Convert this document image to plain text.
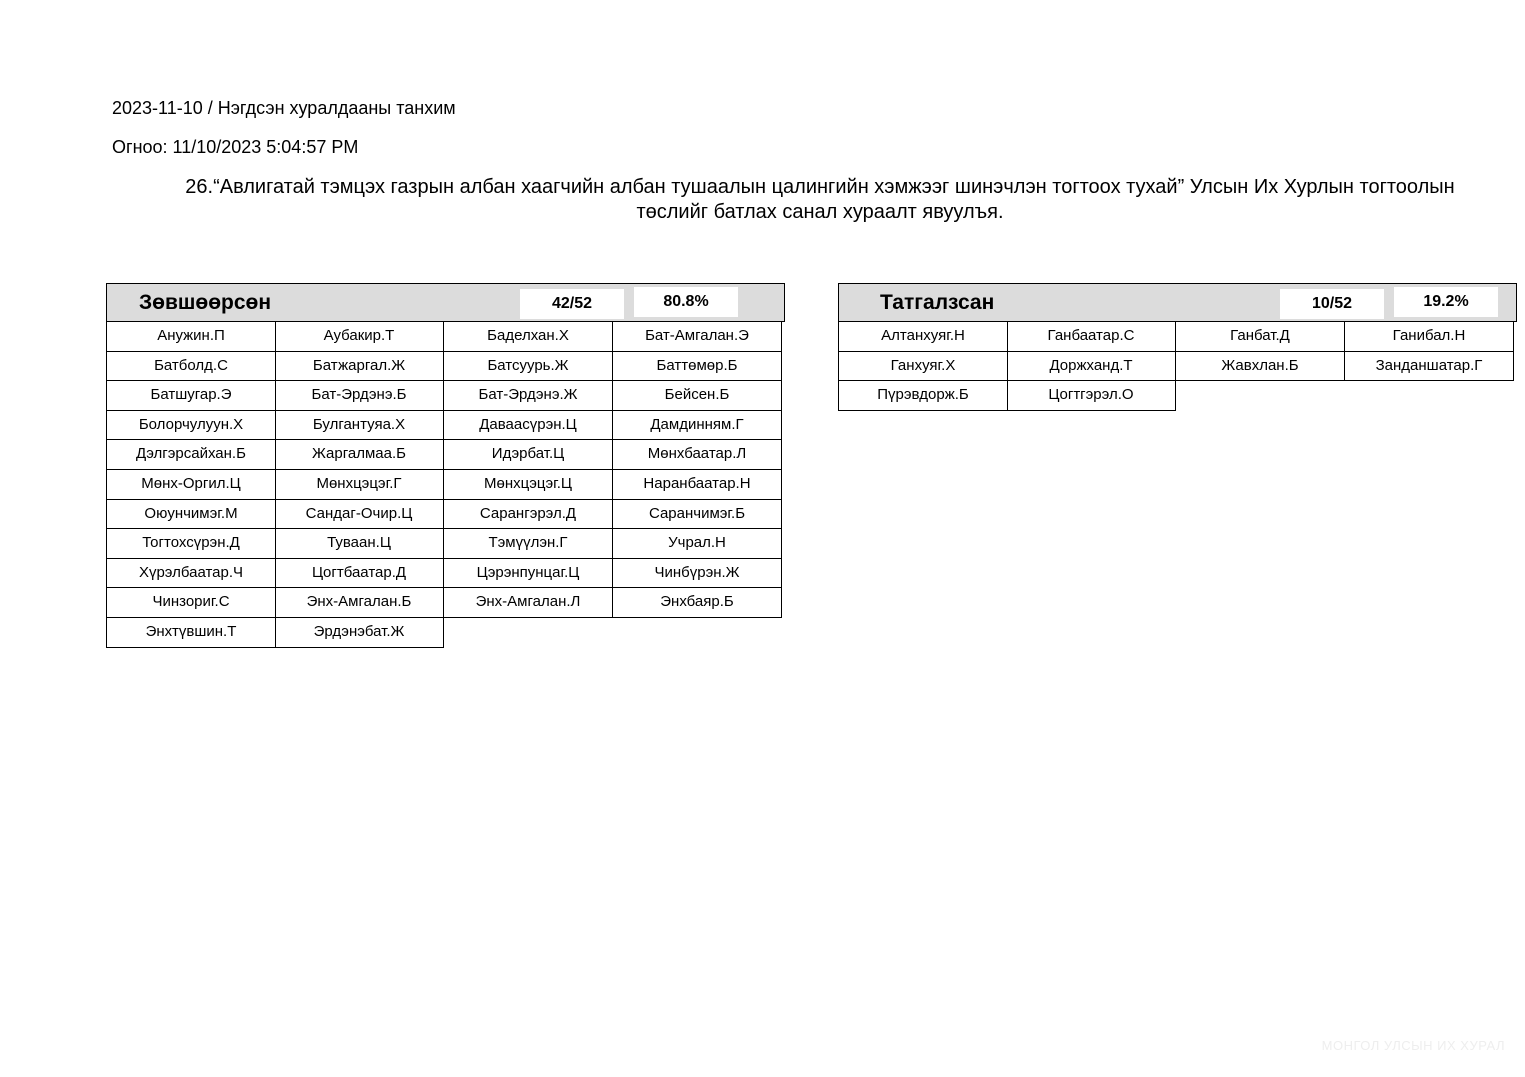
2023-11-10 / Нэгдсэн хуралдааны танхим
Огноо: 11/10/2023 5:04:57 PM
26.“Авлигатай тэмцэх газрын албан хаагчийн албан тушаалын цалингийн хэмжээг шинэчлэн тогтоох тухай” Улсын Их Хурлын тогтоолын төслийг батлах санал хураалт явуулъя.
Зөвшөөрсөн	42/52	80.8%
Анужин.П	Аубакир.Т	Баделхан.Х	Бат-Амгалан.Э
Батболд.С	Батжаргал.Ж	Батсуурь.Ж	Баттөмөр.Б
Батшугар.Э	Бат-Эрдэнэ.Б	Бат-Эрдэнэ.Ж	Бейсен.Б
Болорчулуун.Х	Булгантуяа.Х	Даваасүрэн.Ц	Дамдинням.Г
Дэлгэрсайхан.Б	Жаргалмаа.Б	Идэрбат.Ц	Мөнхбаатар.Л
Мөнх-Оргил.Ц	Мөнхцэцэг.Г	Мөнхцэцэг.Ц	Наранбаатар.Н
Оюунчимэг.М	Сандаг-Очир.Ц	Сарангэрэл.Д	Саранчимэг.Б
Тогтохсүрэн.Д	Туваан.Ц	Тэмүүлэн.Г	Учрал.Н
Хүрэлбаатар.Ч	Цогтбаатар.Д	Цэрэнпунцаг.Ц	Чинбүрэн.Ж
Чинзориг.С	Энх-Амгалан.Б	Энх-Амгалан.Л	Энхбаяр.Б
Энхтүвшин.Т	Эрдэнэбат.Ж
Татгалзсан	10/52	19.2%
Алтанхуяг.Н	Ганбаатар.С	Ганбат.Д	Ганибал.Н
Ганхуяг.Х	Доржханд.Т	Жавхлан.Б	Занданшатар.Г
Пүрэвдорж.Б	Цогтгэрэл.О
МОНГОЛ УЛСЫН ИХ ХУРАЛ
